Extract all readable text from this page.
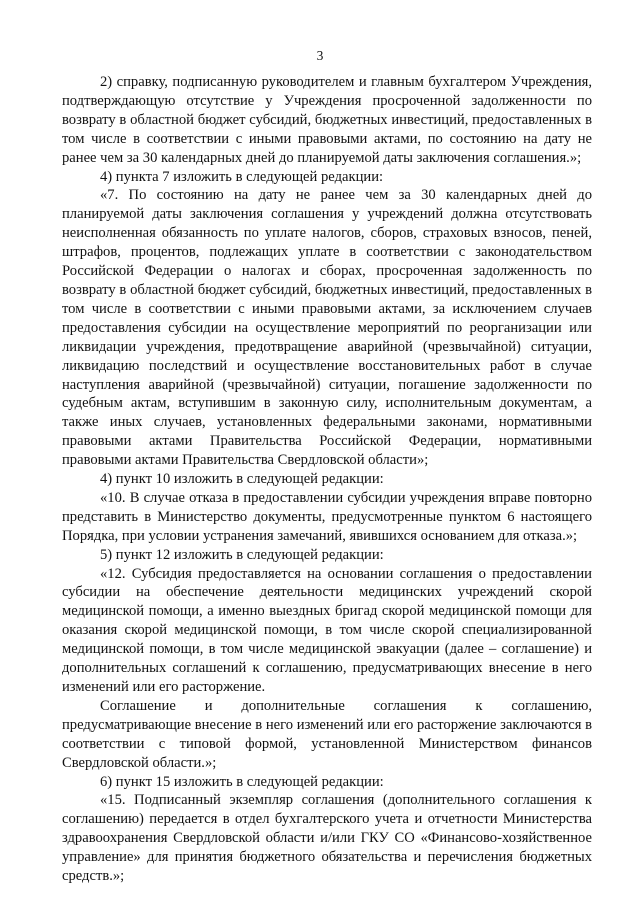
3

2) справку, подписанную руководителем и главным бухгалтером Учреждения, подтверждающую отсутствие у Учреждения просроченной задолженности по возврату в областной бюджет субсидий, бюджетных инвестиций, предоставленных в том числе в соответствии с иными правовыми актами, по состоянию на дату не ранее чем за 30 календарных дней до планируемой даты заключения соглашения.»;

4) пункта 7 изложить в следующей редакции:

«7. По состоянию на дату не ранее чем за 30 календарных дней до планируемой даты заключения соглашения у учреждений должна отсутствовать неисполненная обязанность по уплате налогов, сборов, страховых взносов, пеней, штрафов, процентов, подлежащих уплате в соответствии с законодательством Российской Федерации о налогах и сборах, просроченная задолженность по возврату в областной бюджет субсидий, бюджетных инвестиций, предоставленных в том числе в соответствии с иными правовыми актами, за исключением случаев предоставления субсидии на осуществление мероприятий по реорганизации или ликвидации учреждения, предотвращение аварийной (чрезвычайной) ситуации, ликвидацию последствий и осуществление восстановительных работ в случае наступления аварийной (чрезвычайной) ситуации, погашение задолженности по судебным актам, вступившим в законную силу, исполнительным документам, а также иных случаев, установленных федеральными законами, нормативными правовыми актами Правительства Российской Федерации, нормативными правовыми актами Правительства Свердловской области»;

4) пункт 10 изложить в следующей редакции:

«10. В случае отказа в предоставлении субсидии учреждения вправе повторно представить в Министерство документы, предусмотренные пунктом 6 настоящего Порядка, при условии устранения замечаний, явившихся основанием для отказа.»;

5) пункт 12 изложить в следующей редакции:

«12. Субсидия предоставляется на основании соглашения о предоставлении субсидии на обеспечение деятельности медицинских учреждений скорой медицинской помощи, а именно выездных бригад скорой медицинской помощи для оказания скорой медицинской помощи, в том числе скорой специализированной медицинской помощи, в том числе медицинской эвакуации (далее – соглашение) и дополнительных соглашений к соглашению, предусматривающих внесение в него изменений или его расторжение.

Соглашение и дополнительные соглашения к соглашению, предусматривающие внесение в него изменений или его расторжение заключаются в соответствии с типовой формой, установленной Министерством финансов Свердловской области.»;

6) пункт 15 изложить в следующей редакции:

«15. Подписанный экземпляр соглашения (дополнительного соглашения к соглашению) передается в отдел бухгалтерского учета и отчетности Министерства здравоохранения Свердловской области и/или ГКУ СО «Финансово-хозяйственное управление» для принятия бюджетного обязательства и перечисления бюджетных средств.»;
